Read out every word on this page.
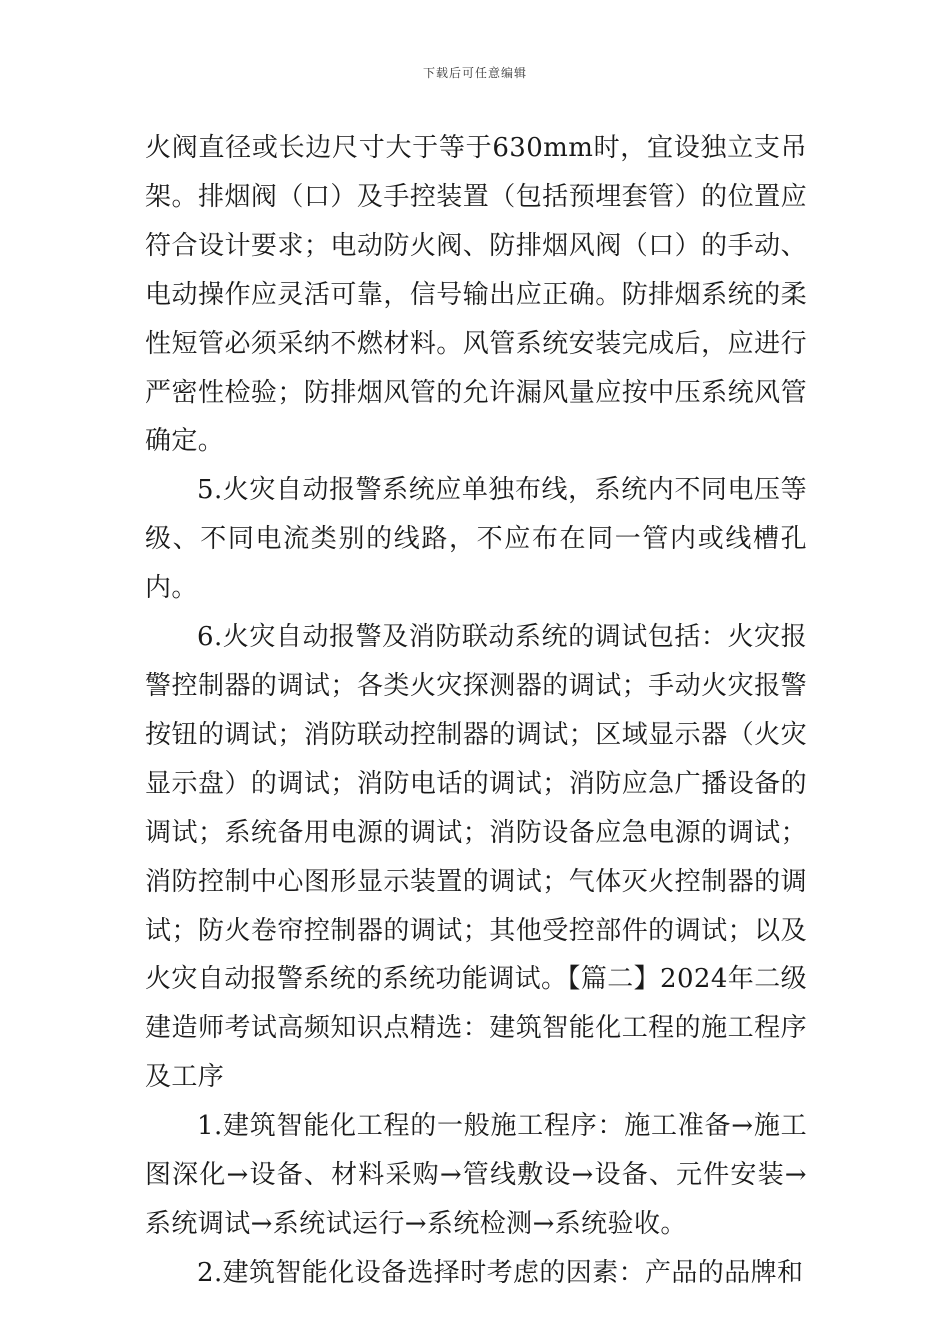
下载后可任意编辑

火阀直径或长边尺寸大于等于630mm时，宜设独立支吊架。排烟阀（口）及手控装置（包括预埋套管）的位置应符合设计要求；电动防火阀、防排烟风阀（口）的手动、电动操作应灵活可靠，信号输出应正确。防排烟系统的柔性短管必须采纳不燃材料。风管系统安装完成后，应进行严密性检验；防排烟风管的允许漏风量应按中压系统风管确定。

5.火灾自动报警系统应单独布线，系统内不同电压等级、不同电流类别的线路，不应布在同一管内或线槽孔内。

6.火灾自动报警及消防联动系统的调试包括：火灾报警控制器的调试；各类火灾探测器的调试；手动火灾报警按钮的调试；消防联动控制器的调试；区域显示器（火灾显示盘）的调试；消防电话的调试；消防应急广播设备的调试；系统备用电源的调试；消防设备应急电源的调试；消防控制中心图形显示装置的调试；气体灭火控制器的调试；防火卷帘控制器的调试；其他受控部件的调试；以及火灾自动报警系统的系统功能调试。【篇二】2024年二级建造师考试高频知识点精选：建筑智能化工程的施工程序及工序

1.建筑智能化工程的一般施工程序：施工准备→施工图深化→设备、材料采购→管线敷设→设备、元件安装→系统调试→系统试运行→系统检测→系统验收。

2.建筑智能化设备选择时考虑的因素：产品的品牌和
